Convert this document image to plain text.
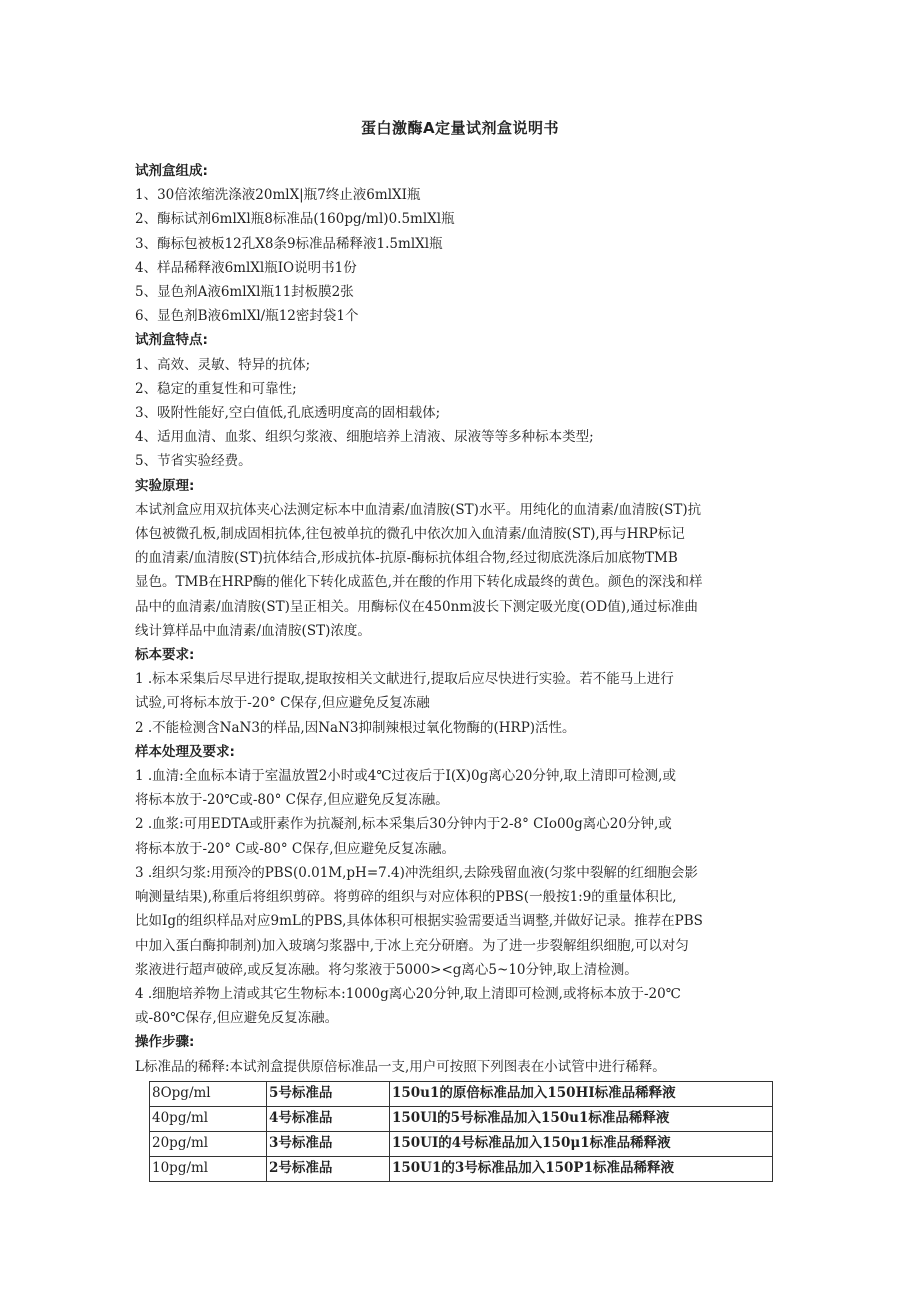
蛋白激酶A定量试剂盒说明书
试剂盒组成:
1、30倍浓缩洗涤液20mlX|瓶7终止液6mlXI瓶
2、酶标试剂6mlXl瓶8标准品(160pg/ml)0.5mlXl瓶
3、酶标包被板12孔X8条9标准品稀释液1.5mlXl瓶
4、样品稀释液6mlXl瓶IO说明书1份
5、显色剂A液6mlXl瓶11封板膜2张
6、显色剂B液6mlXl/瓶12密封袋1个
试剂盒特点:
1、高效、灵敏、特异的抗体;
2、稳定的重复性和可靠性;
3、吸附性能好,空白值低,孔底透明度高的固相载体;
4、适用血清、血浆、组织匀浆液、细胞培养上清液、尿液等等多种标本类型;
5、节省实验经费。
实验原理:
本试剂盒应用双抗体夹心法测定标本中血清素/血清胺(ST)水平。用纯化的血清素/血清胺(ST)抗
体包被微孔板,制成固相抗体,往包被单抗的微孔中依次加入血清素/血清胺(ST),再与HRP标记
的血清素/血清胺(ST)抗体结合,形成抗体-抗原-酶标抗体组合物,经过彻底洗涤后加底物TMB
显色。TMB在HRP酶的催化下转化成蓝色,并在酸的作用下转化成最终的黄色。颜色的深浅和样
品中的血清素/血清胺(ST)呈正相关。用酶标仪在450nm波长下测定吸光度(OD值),通过标准曲
线计算样品中血清素/血清胺(ST)浓度。
标本要求:
1 .标本采集后尽早进行提取,提取按相关文献进行,提取后应尽快进行实验。若不能马上进行
试验,可将标本放于-20° C保存,但应避免反复冻融
2 .不能检测含NaN3的样品,因NaN3抑制辣根过氧化物酶的(HRP)活性。
样本处理及要求:
1 .血清:全血标本请于室温放置2小时或4℃过夜后于I(X)0g离心20分钟,取上清即可检测,或
将标本放于-20℃或-80° C保存,但应避免反复冻融。
2 .血浆:可用EDTA或肝素作为抗凝剂,标本采集后30分钟内于2-8° CIo00g离心20分钟,或
将标本放于-20° C或-80° C保存,但应避免反复冻融。
3 .组织匀浆:用预冷的PBS(0.01M,pH=7.4)冲洗组织,去除残留血液(匀浆中裂解的红细胞会影
响测量结果),称重后将组织剪碎。将剪碎的组织与对应体积的PBS(一般按1:9的重量体积比,
比如Ig的组织样品对应9mL的PBS,具体体积可根据实验需要适当调整,并做好记录。推荐在PBS
中加入蛋白酶抑制剂)加入玻璃匀浆器中,于冰上充分研磨。为了进一步裂解组织细胞,可以对匀
浆液进行超声破碎,或反复冻融。将匀浆液于5000><g离心5~10分钟,取上清检测。
4 .细胞培养物上清或其它生物标本:1000g离心20分钟,取上清即可检测,或将标本放于-20℃
或-80℃保存,但应避免反复冻融。
操作步骤:
L标准品的稀释:本试剂盒提供原倍标准品一支,用户可按照下列图表在小试管中进行稀释。
8Opg/ml	5号标准品	150u1的原倍标准品加入150HI标准品稀释液
40pg/ml	4号标准品	150Ul的5号标准品加入150u1标准品稀释液
20pg/ml	3号标准品	150UI的4号标准品加入150μ1标准品稀释液
10pg/ml	2号标准品	150U1的3号标准品加入150P1标准品稀释液
